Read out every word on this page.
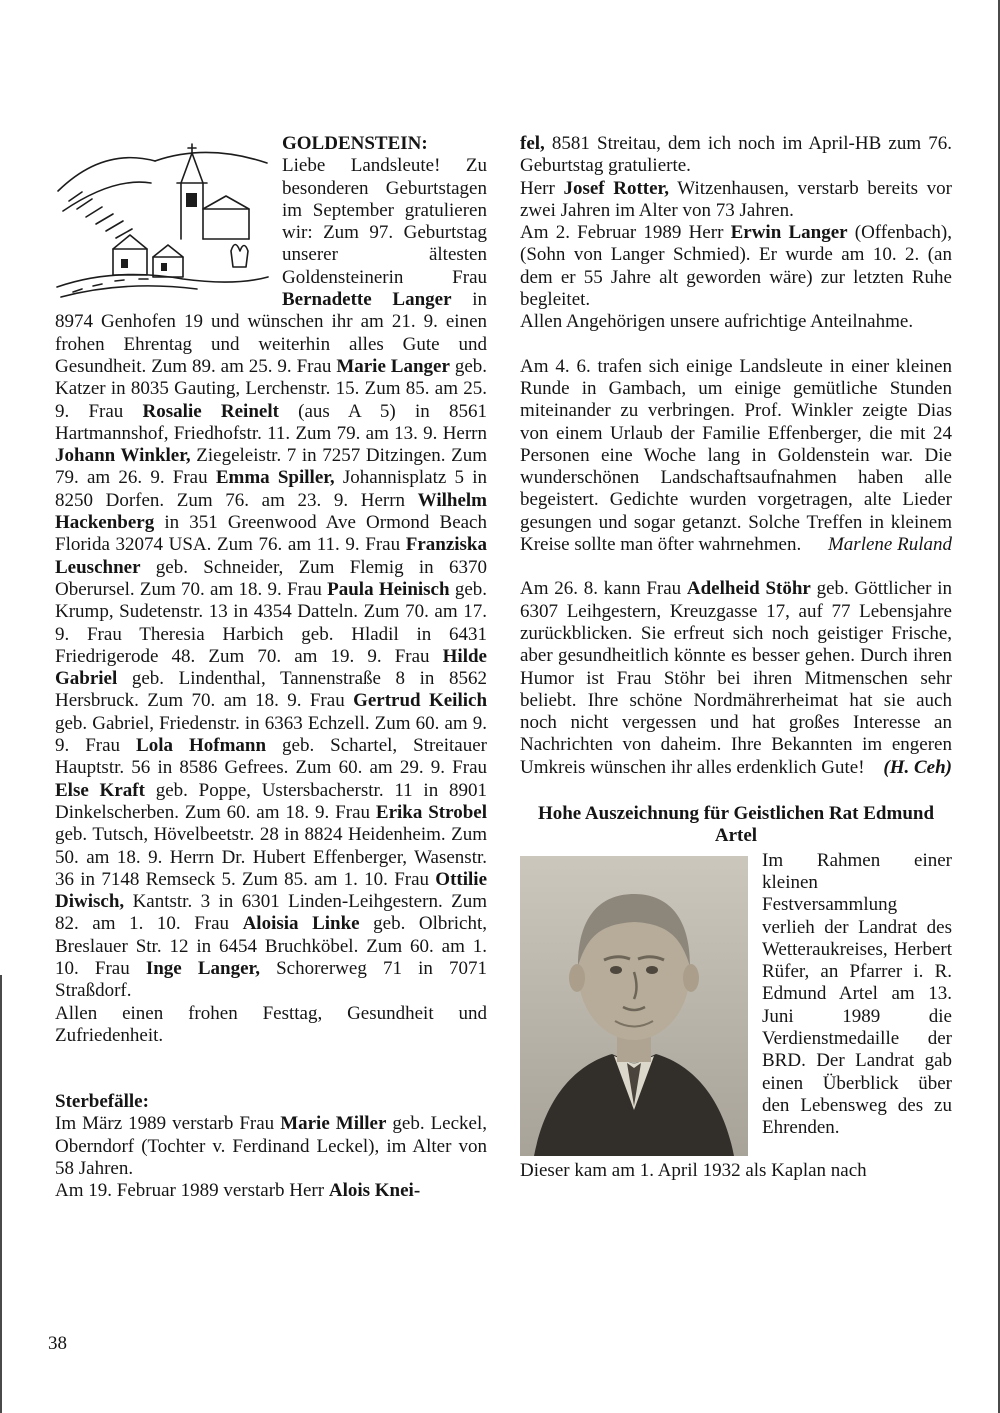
GOLDENSTEIN:

Liebe Landsleute! Zu besonderen Geburtstagen im September gratulieren wir: Zum 97. Geburtstag unserer ältesten Goldensteinerin Frau Bernadette Langer in 8974 Genhofen 19 und wünschen ihr am 21. 9. einen frohen Ehrentag und weiterhin alles Gute und Gesundheit. Zum 89. am 25. 9. Frau Marie Langer geb. Katzer in 8035 Gauting, Lerchenstr. 15. Zum 85. am 25. 9. Frau Rosalie Reinelt (aus A 5) in 8561 Hartmannshof, Friedhofstr. 11. Zum 79. am 13. 9. Herrn Johann Winkler, Ziegeleistr. 7 in 7257 Ditzingen. Zum 79. am 26. 9. Frau Emma Spiller, Johannisplatz 5 in 8250 Dorfen. Zum 76. am 23. 9. Herrn Wilhelm Hackenberg in 351 Greenwood Ave Ormond Beach Florida 32074 USA. Zum 76. am 11. 9. Frau Franziska Leuschner geb. Schneider, Zum Flemig in 6370 Oberursel. Zum 70. am 18. 9. Frau Paula Heinisch geb. Krump, Sudetenstr. 13 in 4354 Datteln. Zum 70. am 17. 9. Frau Theresia Harbich geb. Hladil in 6431 Friedrigerode 48. Zum 70. am 19. 9. Frau Hilde Gabriel geb. Lindenthal, Tannenstraße 8 in 8562 Hersbruck. Zum 70. am 18. 9. Frau Gertrud Keilich geb. Gabriel, Friedenstr. in 6363 Echzell. Zum 60. am 9. 9. Frau Lola Hofmann geb. Schartel, Streitauer Hauptstr. 56 in 8586 Gefrees. Zum 60. am 29. 9. Frau Else Kraft geb. Poppe, Ustersbacherstr. 11 in 8901 Dinkelscherben. Zum 60. am 18. 9. Frau Erika Strobel geb. Tutsch, Hövelbeetstr. 28 in 8824 Heidenheim. Zum 50. am 18. 9. Herrn Dr. Hubert Effenberger, Wasenstr. 36 in 7148 Remseck 5. Zum 85. am 1. 10. Frau Ottilie Diwisch, Kantstr. 3 in 6301 Linden-Leihgestern. Zum 82. am 1. 10. Frau Aloisia Linke geb. Olbricht, Breslauer Str. 12 in 6454 Bruchköbel. Zum 60. am 1. 10. Frau Inge Langer, Schorerweg 71 in 7071 Straßdorf.

Allen einen frohen Festtag, Gesundheit und Zufriedenheit.

Sterbefälle:

Im März 1989 verstarb Frau Marie Miller geb. Leckel, Oberndorf (Tochter v. Ferdinand Leckel), im Alter von 58 Jahren.

Am 19. Februar 1989 verstarb Herr Alois Knei-

fel, 8581 Streitau, dem ich noch im April-HB zum 76. Geburtstag gratulierte.

Herr Josef Rotter, Witzenhausen, verstarb bereits vor zwei Jahren im Alter von 73 Jahren.

Am 2. Februar 1989 Herr Erwin Langer (Offenbach), (Sohn von Langer Schmied). Er wurde am 10. 2. (an dem er 55 Jahre alt geworden wäre) zur letzten Ruhe begleitet.

Allen Angehörigen unsere aufrichtige Anteilnahme.

Am 4. 6. trafen sich einige Landsleute in einer kleinen Runde in Gambach, um einige gemütliche Stunden miteinander zu verbringen. Prof. Winkler zeigte Dias von einem Urlaub der Familie Effenberger, die mit 24 Personen eine Woche lang in Goldenstein war. Die wunderschönen Landschaftsaufnahmen haben alle begeistert. Gedichte wurden vorgetragen, alte Lieder gesungen und sogar getanzt. Solche Treffen in kleinem Kreise sollte man öfter wahrnehmen. Marlene Ruland

Am 26. 8. kann Frau Adelheid Stöhr geb. Göttlicher in 6307 Leihgestern, Kreuzgasse 17, auf 77 Lebensjahre zurückblicken. Sie erfreut sich noch geistiger Frische, aber gesundheitlich könnte es besser gehen. Durch ihren Humor ist Frau Stöhr bei ihren Mitmenschen sehr beliebt. Ihre schöne Nordmährerheimat hat sie auch noch nicht vergessen und hat großes Interesse an Nachrichten von daheim. Ihre Bekannten im engeren Umkreis wünschen ihr alles erdenklich Gute! (H. Ceh)

Hohe Auszeichnung für Geistlichen Rat Edmund Artel

Im Rahmen einer kleinen Festversammlung verlieh der Landrat des Wetteraukreises, Herbert Rüfer, an Pfarrer i. R. Edmund Artel am 13. Juni 1989 die Verdienstmedaille der BRD. Der Landrat gab einen Überblick über den Lebensweg des zu Ehrenden.

Dieser kam am 1. April 1932 als Kaplan nach

38
